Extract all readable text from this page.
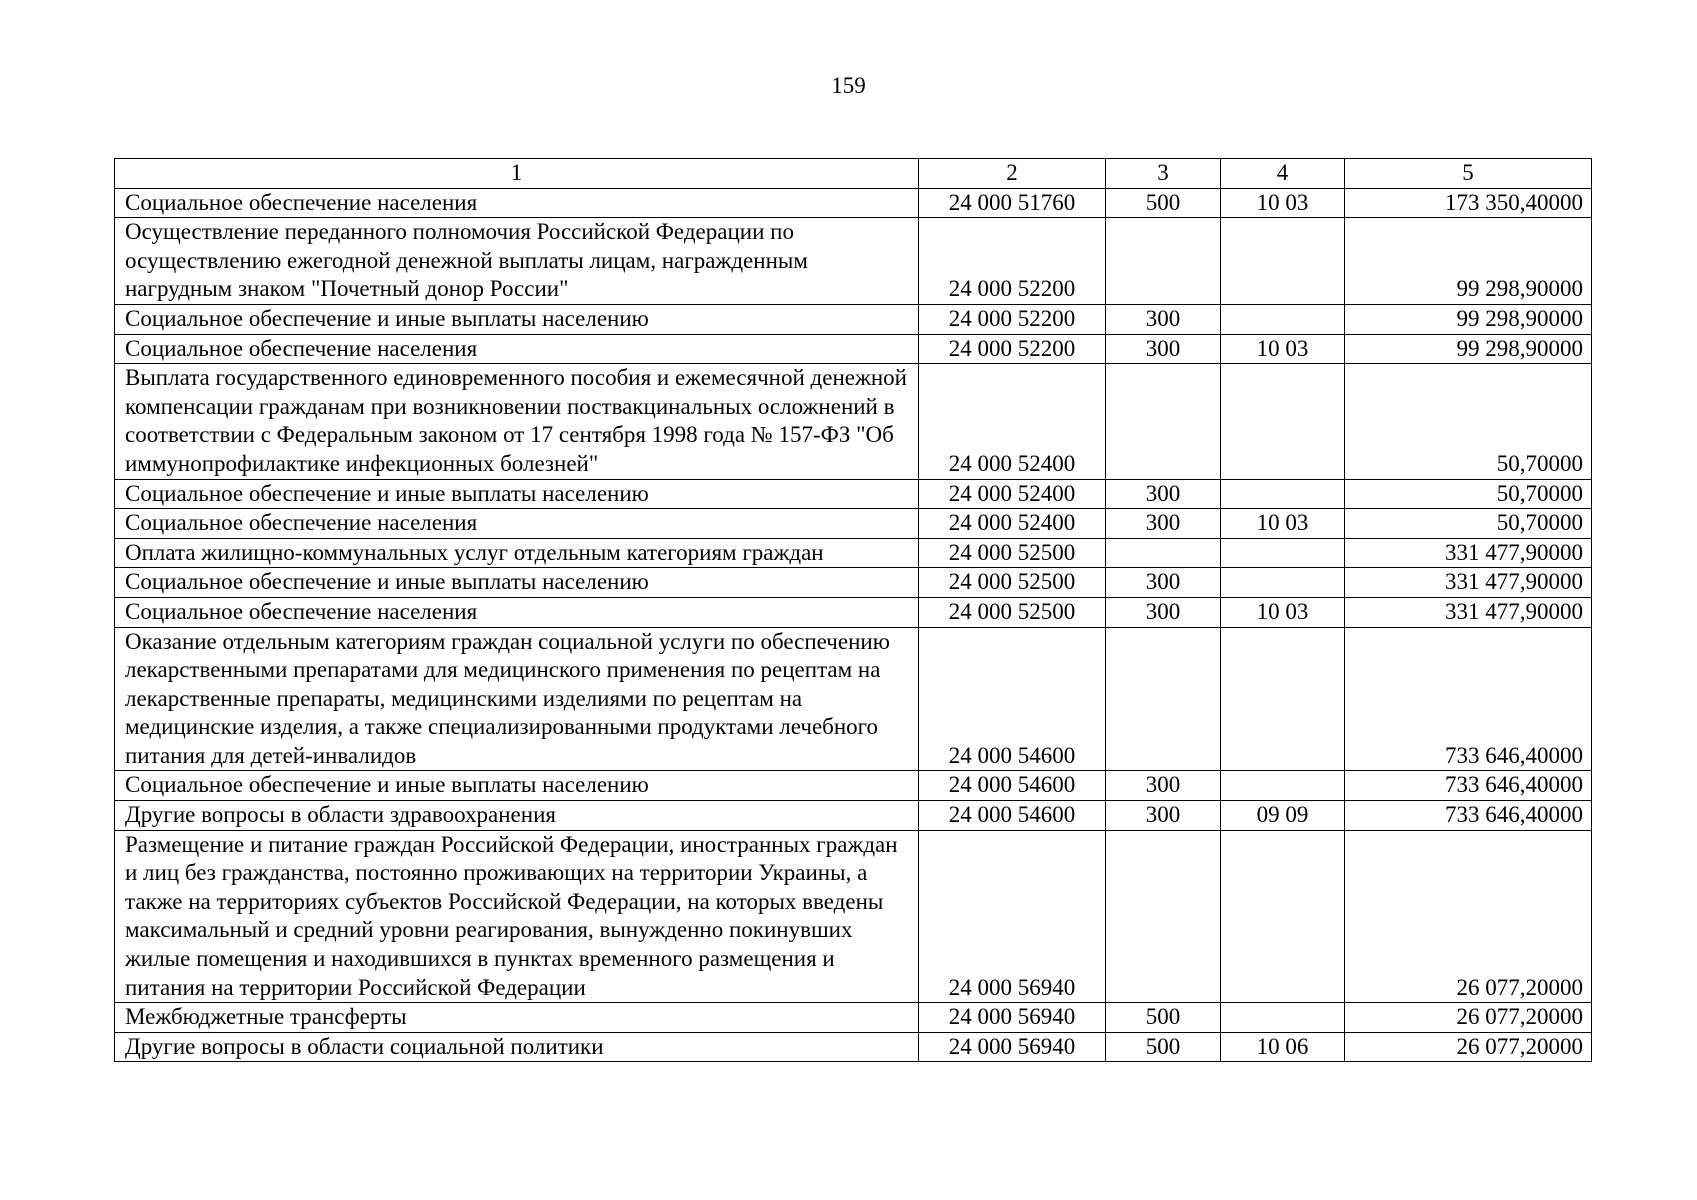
159
1	2	3	4	5
Социальное обеспечение населения	24 000 51760	500	10 03	173 350,40000
Осуществление переданного полномочия Российской Федерации по осуществлению ежегодной денежной выплаты лицам, награжденным нагрудным знаком "Почетный донор России"	24 000 52200			99 298,90000
Социальное обеспечение и иные выплаты населению	24 000 52200	300		99 298,90000
Социальное обеспечение населения	24 000 52200	300	10 03	99 298,90000
Выплата государственного единовременного пособия и ежемесячной денежной компенсации гражданам при возникновении поствакцинальных осложнений в соответствии с Федеральным законом от 17 сентября 1998 года № 157-ФЗ "Об иммунопрофилактике инфекционных болезней"	24 000 52400			50,70000
Социальное обеспечение и иные выплаты населению	24 000 52400	300		50,70000
Социальное обеспечение населения	24 000 52400	300	10 03	50,70000
Оплата жилищно-коммунальных услуг отдельным категориям граждан	24 000 52500			331 477,90000
Социальное обеспечение и иные выплаты населению	24 000 52500	300		331 477,90000
Социальное обеспечение населения	24 000 52500	300	10 03	331 477,90000
Оказание отдельным категориям граждан социальной услуги по обеспечению лекарственными препаратами для медицинского применения по рецептам на лекарственные препараты, медицинскими изделиями по рецептам на медицинские изделия, а также специализированными продуктами лечебного питания для детей-инвалидов	24 000 54600			733 646,40000
Социальное обеспечение и иные выплаты населению	24 000 54600	300		733 646,40000
Другие вопросы в области здравоохранения	24 000 54600	300	09 09	733 646,40000
Размещение и питание граждан Российской Федерации, иностранных граждан и лиц без гражданства, постоянно проживающих на территории Украины, а также на территориях субъектов Российской Федерации, на которых введены максимальный и средний уровни реагирования, вынужденно покинувших жилые помещения и находившихся в пунктах временного размещения и питания на территории Российской Федерации	24 000 56940			26 077,20000
Межбюджетные трансферты	24 000 56940	500		26 077,20000
Другие вопросы в области социальной политики	24 000 56940	500	10 06	26 077,20000
